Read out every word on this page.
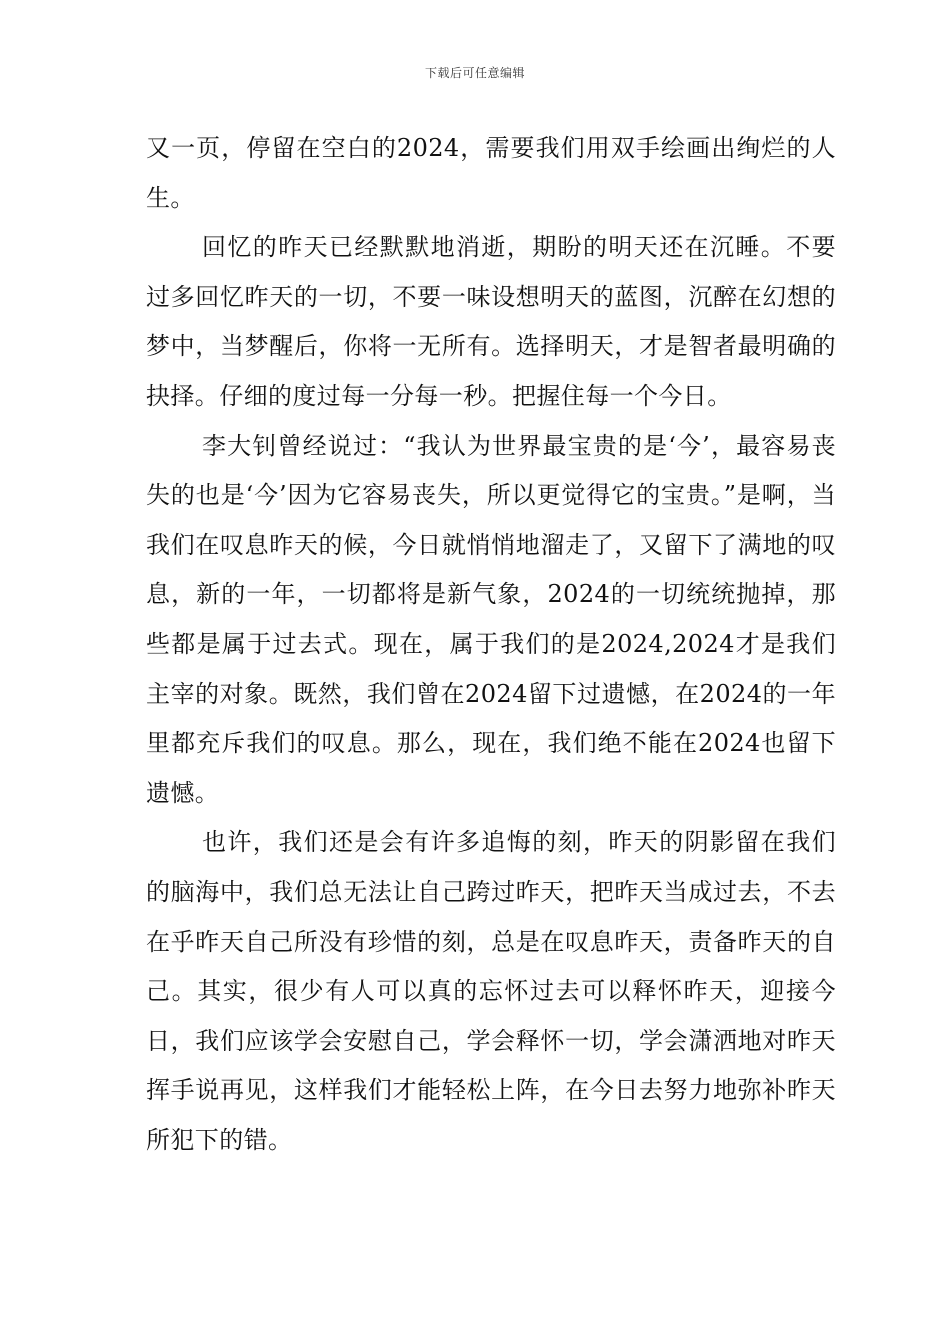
下载后可任意编辑

又一页，停留在空白的2024，需要我们用双手绘画出绚烂的人生。

回忆的昨天已经默默地消逝，期盼的明天还在沉睡。不要过多回忆昨天的一切，不要一味设想明天的蓝图，沉醉在幻想的梦中，当梦醒后，你将一无所有。选择明天，才是智者最明确的抉择。仔细的度过每一分每一秒。把握住每一个今日。

李大钊曾经说过：“我认为世界最宝贵的是‘今’，最容易丧失的也是‘今’因为它容易丧失，所以更觉得它的宝贵。”是啊，当我们在叹息昨天的候，今日就悄悄地溜走了，又留下了满地的叹息，新的一年，一切都将是新气象，2024的一切统统抛掉，那些都是属于过去式。现在，属于我们的是2024,2024才是我们主宰的对象。既然，我们曾在2024留下过遗憾，在2024的一年里都充斥我们的叹息。那么，现在，我们绝不能在2024也留下遗憾。

也许，我们还是会有许多追悔的刻，昨天的阴影留在我们的脑海中，我们总无法让自己跨过昨天，把昨天当成过去，不去在乎昨天自己所没有珍惜的刻，总是在叹息昨天，责备昨天的自己。其实，很少有人可以真的忘怀过去可以释怀昨天，迎接今日，我们应该学会安慰自己，学会释怀一切，学会潇洒地对昨天挥手说再见，这样我们才能轻松上阵，在今日去努力地弥补昨天所犯下的错。
